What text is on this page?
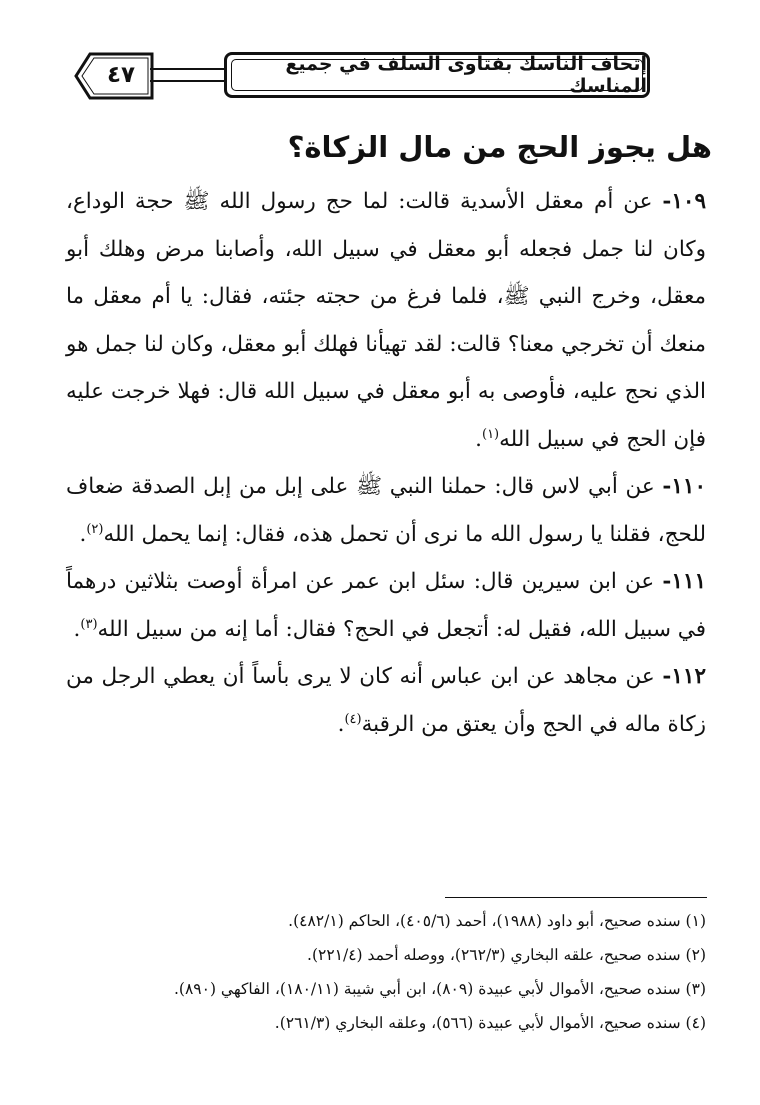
٤٧	إتحاف الناسك بفتاوى السلف في جميع المناسك
هل يجوز الحج من مال الزكاة؟

١٠٩- عن أم معقل الأسدية قالت: لما حج رسول الله ﷺ حجة الوداع، وكان لنا جمل فجعله أبو معقل في سبيل الله، وأصابنا مرض وهلك أبو معقل، وخرج النبي ﷺ، فلما فرغ من حجته جئته، فقال: يا أم معقل ما منعك أن تخرجي معنا؟ قالت: لقد تهيأنا فهلك أبو معقل، وكان لنا جمل هو الذي نحج عليه، فأوصى به أبو معقل في سبيل الله قال: فهلا خرجت عليه فإن الحج في سبيل الله$^{(١)}$.

١١٠- عن أبي لاس قال: حملنا النبي ﷺ على إبل من إبل الصدقة ضعاف للحج، فقلنا يا رسول الله ما نرى أن تحمل هذه، فقال: إنما يحمل الله$^{(٢)}$.

١١١- عن ابن سيرين قال: سئل ابن عمر عن امرأة أوصت بثلاثين درهماً في سبيل الله، فقيل له: أتجعل في الحج؟ فقال: أما إنه من سبيل الله$^{(٣)}$.

١١٢- عن مجاهد عن ابن عباس أنه كان لا يرى بأساً أن يعطي الرجل من زكاة ماله في الحج وأن يعتق من الرقبة$^{(٤)}$.

(١) سنده صحيح، أبو داود (١٩٨٨)، أحمد (٤٠٥/٦)، الحاكم (٤٨٢/١).

(٢) سنده صحيح، علقه البخاري (٢٦٢/٣)، ووصله أحمد (٢٢١/٤).

(٣) سنده صحيح، الأموال لأبي عبيدة (٨٠٩)، ابن أبي شيبة (١٨٠/١١)، الفاكهي (٨٩٠).

(٤) سنده صحيح، الأموال لأبي عبيدة (٥٦٦)، وعلقه البخاري (٢٦١/٣).
